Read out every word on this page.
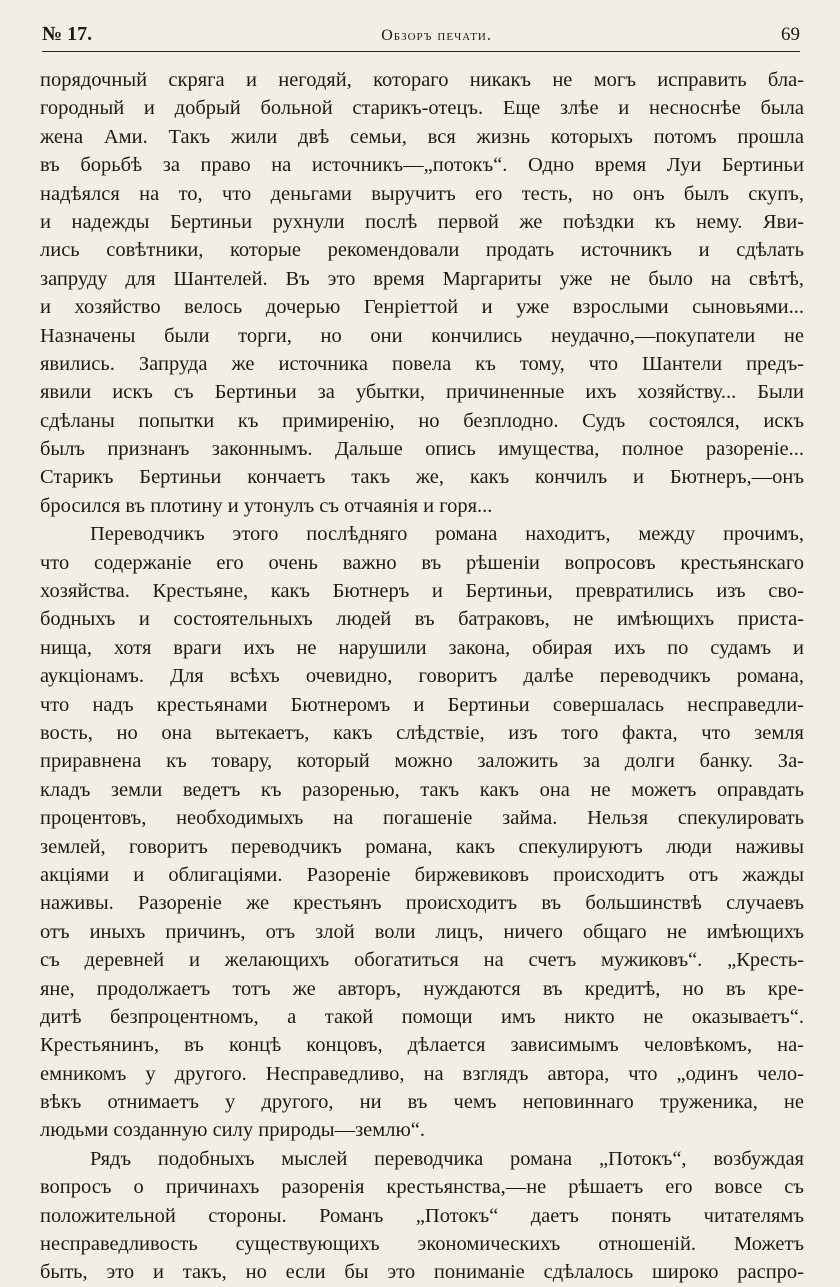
№ 17.	Обзоръ печати.	69
порядочный скряга и негодяй, котораго никакъ не могъ исправить бла-
городный и добрый больной старикъ-отецъ. Еще злѣе и несноснѣе была
жена Ами. Такъ жили двѣ семьи, вся жизнь которыхъ потомъ прошла
въ борьбѣ за право на источникъ—„потокъ“. Одно время Луи Бертиньи
надѣялся на то, что деньгами выручитъ его тесть, но онъ былъ скупъ,
и надежды Бертиньи рухнули послѣ первой же поѣздки къ нему. Яви-
лись совѣтники, которые рекомендовали продать источникъ и сдѣлать
запруду для Шантелей. Въ это время Маргариты уже не было на свѣтѣ,
и хозяйство велось дочерью Генріеттой и уже взрослыми сыновьями...
Назначены были торги, но они кончились неудачно,—покупатели не
явились. Запруда же источника повела къ тому, что Шантели предъ-
явили искъ съ Бертиньи за убытки, причиненные ихъ хозяйству... Были
сдѣланы попытки къ примиренію, но безплодно. Судъ состоялся, искъ
былъ признанъ законнымъ. Дальше опись имущества, полное разореніе...
Старикъ Бертиньи кончаетъ такъ же, какъ кончилъ и Бютнеръ,—онъ
бросился въ плотину и утонулъ съ отчаянія и горя...
Переводчикъ этого послѣдняго романа находитъ, между прочимъ,
что содержаніе его очень важно въ рѣшеніи вопросовъ крестьянскаго
хозяйства. Крестьяне, какъ Бютнеръ и Бертиньи, превратились изъ сво-
бодныхъ и состоятельныхъ людей въ батраковъ, не имѣющихъ приста-
нища, хотя враги ихъ не нарушили закона, обирая ихъ по судамъ и
аукціонамъ. Для всѣхъ очевидно, говоритъ далѣе переводчикъ романа,
что надъ крестьянами Бютнеромъ и Бертиньи совершалась несправедли-
вость, но она вытекаетъ, какъ слѣдствіе, изъ того факта, что земля
приравнена къ товару, который можно заложить за долги банку. За-
кладъ земли ведетъ къ разоренью, такъ какъ она не можетъ оправдать
процентовъ, необходимыхъ на погашеніе займа. Нельзя спекулировать
землей, говоритъ переводчикъ романа, какъ спекулируютъ люди наживы
акціями и облигаціями. Разореніе биржевиковъ происходитъ отъ жажды
наживы. Разореніе же крестьянъ происходитъ въ большинствѣ случаевъ
отъ иныхъ причинъ, отъ злой воли лицъ, ничего общаго не имѣющихъ
съ деревней и желающихъ обогатиться на счетъ мужиковъ“. „Кресть-
яне, продолжаетъ тотъ же авторъ, нуждаются въ кредитѣ, но въ кре-
дитѣ безпроцентномъ, а такой помощи имъ никто не оказываетъ“.
Крестьянинъ, въ концѣ концовъ, дѣлается зависимымъ человѣкомъ, на-
емникомъ у другого. Несправедливо, на взглядъ автора, что „одинъ чело-
вѣкъ отнимаетъ у другого, ни въ чемъ неповиннаго труженика, не
людьми созданную силу природы—землю“.
Рядъ подобныхъ мыслей переводчика романа „Потокъ“, возбуждая
вопросъ о причинахъ разоренія крестьянства,—не рѣшаетъ его вовсе съ
положительной стороны. Романъ „Потокъ“ даетъ понять читателямъ
несправедливость существующихъ экономическихъ отношеній. Можетъ
быть, это и такъ, но если бы это пониманіе сдѣлалось широко распро-
